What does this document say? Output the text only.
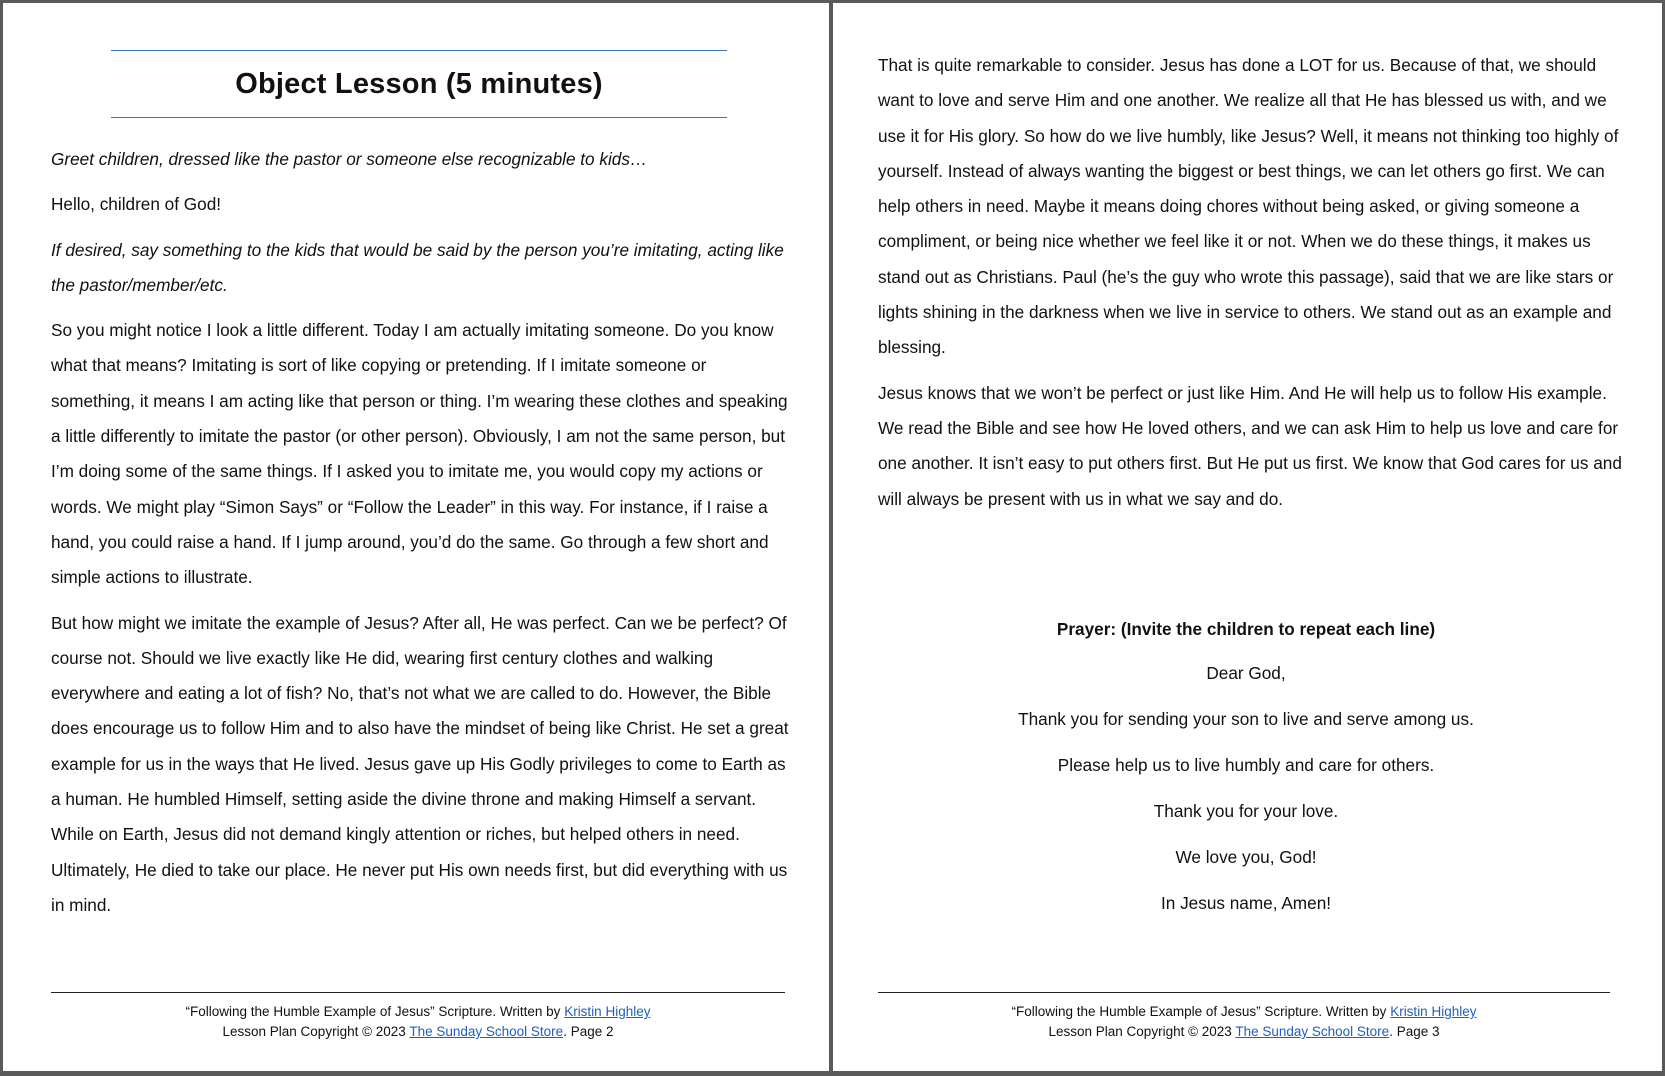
Object Lesson (5 minutes)

Greet children, dressed like the pastor or someone else recognizable to kids…

Hello, children of God!

If desired, say something to the kids that would be said by the person you’re imitating, acting like the pastor/member/etc.

So you might notice I look a little different. Today I am actually imitating someone. Do you know what that means? Imitating is sort of like copying or pretending. If I imitate someone or something, it means I am acting like that person or thing. I’m wearing these clothes and speaking a little differently to imitate the pastor (or other person). Obviously, I am not the same person, but I’m doing some of the same things. If I asked you to imitate me, you would copy my actions or words. We might play “Simon Says” or “Follow the Leader” in this way. For instance, if I raise a hand, you could raise a hand. If I jump around, you’d do the same. Go through a few short and simple actions to illustrate.

But how might we imitate the example of Jesus? After all, He was perfect. Can we be perfect? Of course not. Should we live exactly like He did, wearing first century clothes and walking everywhere and eating a lot of fish? No, that’s not what we are called to do. However, the Bible does encourage us to follow Him and to also have the mindset of being like Christ. He set a great example for us in the ways that He lived. Jesus gave up His Godly privileges to come to Earth as a human. He humbled Himself, setting aside the divine throne and making Himself a servant. While on Earth, Jesus did not demand kingly attention or riches, but helped others in need. Ultimately, He died to take our place. He never put His own needs first, but did everything with us in mind.

“Following the Humble Example of Jesus” Scripture. Written by Kristin Highley
Lesson Plan Copyright © 2023 The Sunday School Store. Page 2

That is quite remarkable to consider. Jesus has done a LOT for us. Because of that, we should want to love and serve Him and one another. We realize all that He has blessed us with, and we use it for His glory. So how do we live humbly, like Jesus? Well, it means not thinking too highly of yourself. Instead of always wanting the biggest or best things, we can let others go first. We can help others in need. Maybe it means doing chores without being asked, or giving someone a compliment, or being nice whether we feel like it or not. When we do these things, it makes us stand out as Christians. Paul (he’s the guy who wrote this passage), said that we are like stars or lights shining in the darkness when we live in service to others. We stand out as an example and blessing.

Jesus knows that we won’t be perfect or just like Him. And He will help us to follow His example. We read the Bible and see how He loved others, and we can ask Him to help us love and care for one another. It isn’t easy to put others first. But He put us first. We know that God cares for us and will always be present with us in what we say and do.

Prayer: (Invite the children to repeat each line)

Dear God,

Thank you for sending your son to live and serve among us.

Please help us to live humbly and care for others.

Thank you for your love.

We love you, God!

In Jesus name, Amen!

“Following the Humble Example of Jesus” Scripture. Written by Kristin Highley
Lesson Plan Copyright © 2023 The Sunday School Store. Page 3
